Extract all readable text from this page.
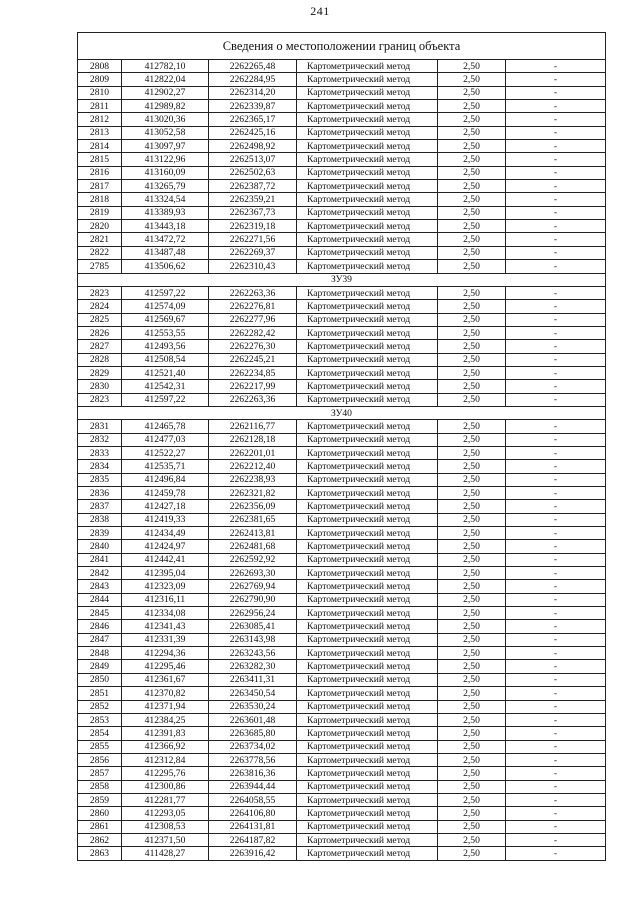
241
Сведения о местоположении границ объекта					
2808	412782,10	2262265,48	Картометрический метод	2,50	-
2809	412822,04	2262284,95	Картометрический метод	2,50	-
2810	412902,27	2262314,20	Картометрический метод	2,50	-
2811	412989,82	2262339,87	Картометрический метод	2,50	-
2812	413020,36	2262365,17	Картометрический метод	2,50	-
2813	413052,58	2262425,16	Картометрический метод	2,50	-
2814	413097,97	2262498,92	Картометрический метод	2,50	-
2815	413122,96	2262513,07	Картометрический метод	2,50	-
2816	413160,09	2262502,63	Картометрический метод	2,50	-
2817	413265,79	2262387,72	Картометрический метод	2,50	-
2818	413324,54	2262359,21	Картометрический метод	2,50	-
2819	413389,93	2262367,73	Картометрический метод	2,50	-
2820	413443,18	2262319,18	Картометрический метод	2,50	-
2821	413472,72	2262271,56	Картометрический метод	2,50	-
2822	413487,48	2262269,37	Картометрический метод	2,50	-
2785	413506,62	2262310,43	Картометрический метод	2,50	-
ЗУ39					
2823	412597,22	2262263,36	Картометрический метод	2,50	-
2824	412574,09	2262276,81	Картометрический метод	2,50	-
2825	412569,67	2262277,96	Картометрический метод	2,50	-
2826	412553,55	2262282,42	Картометрический метод	2,50	-
2827	412493,56	2262276,30	Картометрический метод	2,50	-
2828	412508,54	2262245,21	Картометрический метод	2,50	-
2829	412521,40	2262234,85	Картометрический метод	2,50	-
2830	412542,31	2262217,99	Картометрический метод	2,50	-
2823	412597,22	2262263,36	Картометрический метод	2,50	-
ЗУ40					
2831	412465,78	2262116,77	Картометрический метод	2,50	-
2832	412477,03	2262128,18	Картометрический метод	2,50	-
2833	412522,27	2262201,01	Картометрический метод	2,50	-
2834	412535,71	2262212,40	Картометрический метод	2,50	-
2835	412496,84	2262238,93	Картометрический метод	2,50	-
2836	412459,78	2262321,82	Картометрический метод	2,50	-
2837	412427,18	2262356,09	Картометрический метод	2,50	-
2838	412419,33	2262381,65	Картометрический метод	2,50	-
2839	412434,49	2262413,81	Картометрический метод	2,50	-
2840	412424,97	2262481,68	Картометрический метод	2,50	-
2841	412442,41	2262592,92	Картометрический метод	2,50	-
2842	412395,04	2262693,30	Картометрический метод	2,50	-
2843	412323,09	2262769,94	Картометрический метод	2,50	-
2844	412316,11	2262790,90	Картометрический метод	2,50	-
2845	412334,08	2262956,24	Картометрический метод	2,50	-
2846	412341,43	2263085,41	Картометрический метод	2,50	-
2847	412331,39	2263143,98	Картометрический метод	2,50	-
2848	412294,36	2263243,56	Картометрический метод	2,50	-
2849	412295,46	2263282,30	Картометрический метод	2,50	-
2850	412361,67	2263411,31	Картометрический метод	2,50	-
2851	412370,82	2263450,54	Картометрический метод	2,50	-
2852	412371,94	2263530,24	Картометрический метод	2,50	-
2853	412384,25	2263601,48	Картометрический метод	2,50	-
2854	412391,83	2263685,80	Картометрический метод	2,50	-
2855	412366,92	2263734,02	Картометрический метод	2,50	-
2856	412312,84	2263778,56	Картометрический метод	2,50	-
2857	412295,76	2263816,36	Картометрический метод	2,50	-
2858	412300,86	2263944,44	Картометрический метод	2,50	-
2859	412281,77	2264058,55	Картометрический метод	2,50	-
2860	412293,05	2264106,80	Картометрический метод	2,50	-
2861	412308,53	2264131,81	Картометрический метод	2,50	-
2862	412371,50	2264187,82	Картометрический метод	2,50	-
2863	411428,27	2263916,42	Картометрический метод	2,50	-
